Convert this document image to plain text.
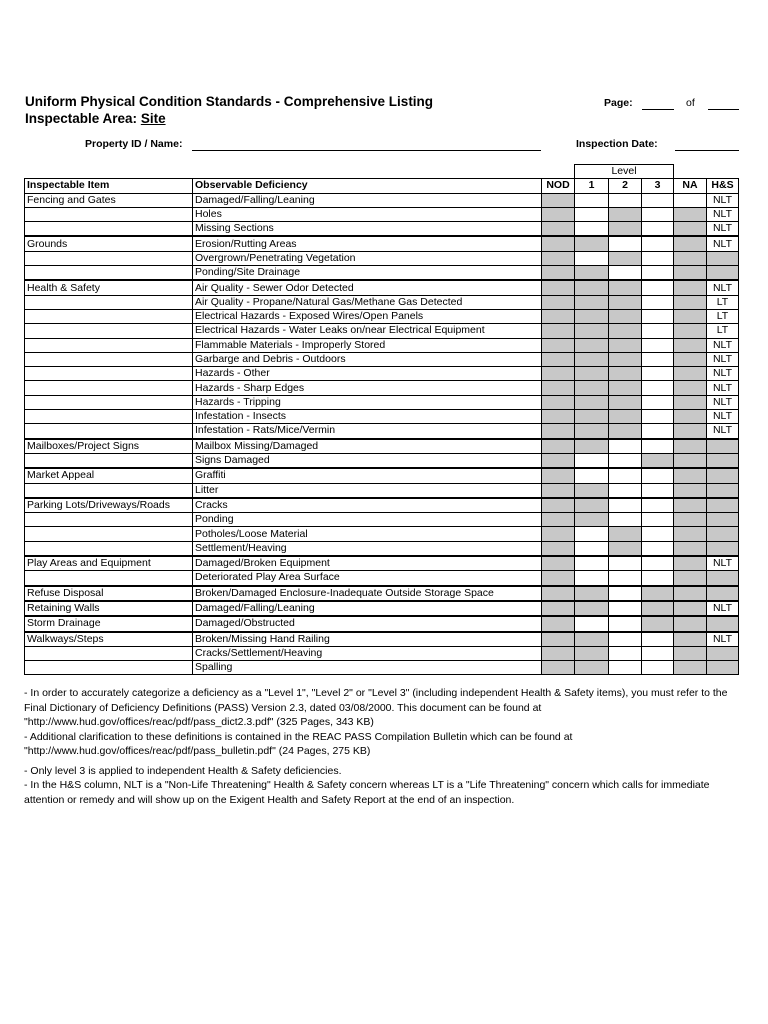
Uniform Physical Condition Standards - Comprehensive Listing
Inspectable Area: Site
Page:	of
Property ID / Name:	Inspection Date:
			Level				
Inspectable Item	Observable Deficiency	NOD	1	2	3	NA	H&S
Fencing and Gates	Damaged/Falling/Leaning						NLT
	Holes						NLT
	Missing Sections						NLT
Grounds	Erosion/Rutting Areas						NLT
	Overgrown/Penetrating Vegetation						
	Ponding/Site Drainage						
Health & Safety	Air Quality - Sewer Odor Detected						NLT
	Air Quality - Propane/Natural Gas/Methane Gas Detected						LT
	Electrical Hazards - Exposed Wires/Open Panels						LT
	Electrical Hazards - Water Leaks on/near Electrical Equipment						LT
	Flammable Materials - Improperly Stored						NLT
	Garbarge and Debris - Outdoors						NLT
	Hazards - Other						NLT
	Hazards - Sharp Edges						NLT
	Hazards - Tripping						NLT
	Infestation - Insects						NLT
	Infestation - Rats/Mice/Vermin						NLT
Mailboxes/Project Signs	Mailbox Missing/Damaged						
	Signs Damaged						
Market Appeal	Graffiti						
	Litter						
Parking Lots/Driveways/Roads	Cracks						
	Ponding						
	Potholes/Loose Material						
	Settlement/Heaving						
Play Areas and Equipment	Damaged/Broken Equipment						NLT
	Deteriorated Play Area Surface						
Refuse Disposal	Broken/Damaged Enclosure-Inadequate Outside Storage Space						
Retaining Walls	Damaged/Falling/Leaning						NLT
Storm Drainage	Damaged/Obstructed						
Walkways/Steps	Broken/Missing Hand Railing						NLT
	Cracks/Settlement/Heaving						
	Spalling						

- In order to accurately categorize a deficiency as a "Level 1", "Level 2" or "Level 3" (including independent Health & Safety items), you must refer to the Final Dictionary of Deficiency Definitions (PASS) Version 2.3, dated 03/08/2000. This document can be found at "http://www.hud.gov/offices/reac/pdf/pass_dict2.3.pdf" (325 Pages, 343 KB)

- Additional clarification to these definitions is contained in the REAC PASS Compilation Bulletin which can be found at "http://www.hud.gov/offices/reac/pdf/pass_bulletin.pdf" (24 Pages, 275 KB)

- Only level 3 is applied to independent Health & Safety deficiencies.

- In the H&S column, NLT is a "Non-Life Threatening" Health & Safety concern whereas LT is a "Life Threatening" concern which calls for immediate attention or remedy and will show up on the Exigent Health and Safety Report at the end of an inspection.
